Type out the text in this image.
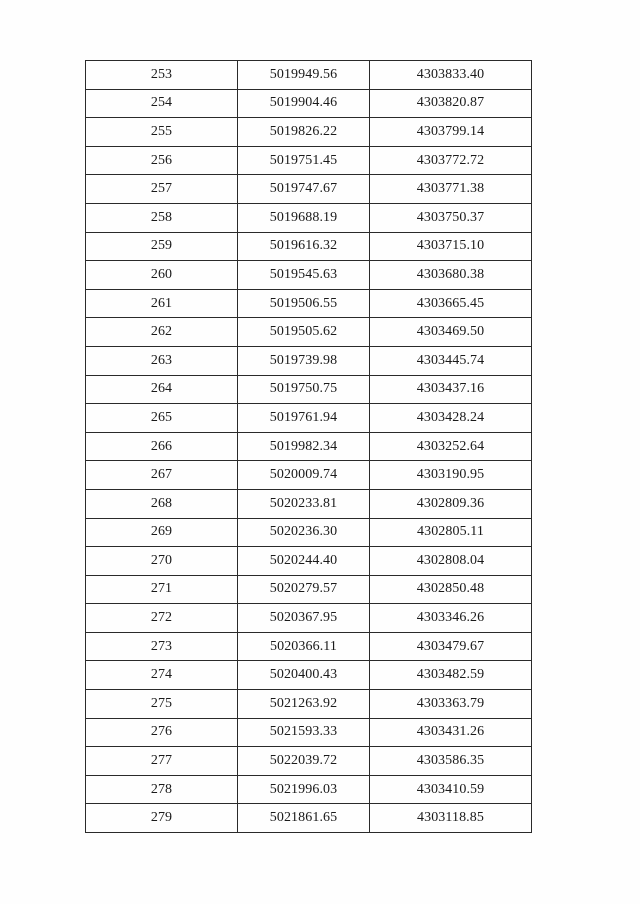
253	5019949.56	4303833.40
254	5019904.46	4303820.87
255	5019826.22	4303799.14
256	5019751.45	4303772.72
257	5019747.67	4303771.38
258	5019688.19	4303750.37
259	5019616.32	4303715.10
260	5019545.63	4303680.38
261	5019506.55	4303665.45
262	5019505.62	4303469.50
263	5019739.98	4303445.74
264	5019750.75	4303437.16
265	5019761.94	4303428.24
266	5019982.34	4303252.64
267	5020009.74	4303190.95
268	5020233.81	4302809.36
269	5020236.30	4302805.11
270	5020244.40	4302808.04
271	5020279.57	4302850.48
272	5020367.95	4303346.26
273	5020366.11	4303479.67
274	5020400.43	4303482.59
275	5021263.92	4303363.79
276	5021593.33	4303431.26
277	5022039.72	4303586.35
278	5021996.03	4303410.59
279	5021861.65	4303118.85
